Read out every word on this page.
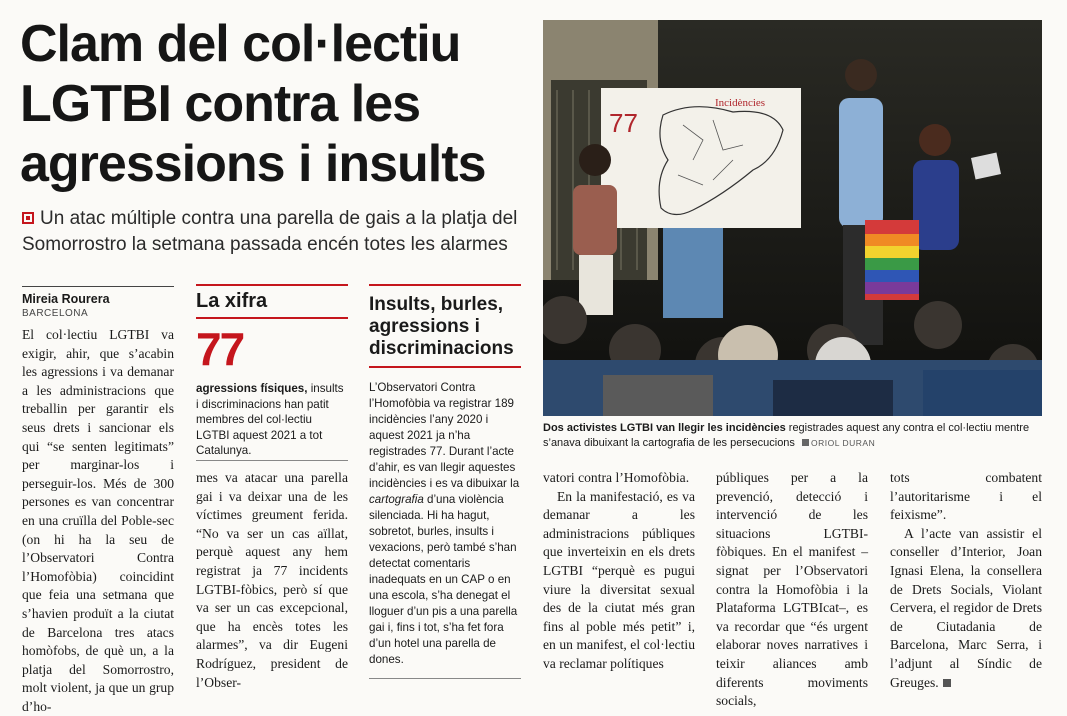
Clam del col·lectiu
LGTBI contra les
agressions i insults
Un atac múltiple contra una parella de gais a la platja del Somorrostro la setmana passada encén totes les alarmes
Mireia Rourera
BARCELONA

El col·lectiu LGTBI va exigir, ahir, que s’acabin les agressions i va demanar a les administracions que treballin per garantir els seus drets i sancionar els qui “se senten legitimats” per marginar-los i perseguir-los. Més de 300 persones es van concentrar en una cruïlla del Poble-sec (on hi ha la seu de l’Observatori Contra l’Homofòbia) coincidint que feia una setmana que s’havien produït a la ciutat de Barcelona tres atacs homòfobs, de què un, a la platja del Somorrostro, molt violent, ja que un grup d’ho-

La xifra
77
agressions físiques, insults i discriminacions han patit membres del col·lectiu LGTBI aquest 2021 a tot Catalunya.

mes va atacar una parella gai i va deixar una de les víctimes greument ferida. “No va ser un cas aïllat, perquè aquest any hem registrat ja 77 incidents LGTBI-fòbics, però sí que va ser un cas excepcional, que ha encès totes les alarmes”, va dir Eugeni Rodríguez, president de l’Obser-

Insults, burles, agressions i discriminacions
L’Observatori Contra l’Homofòbia va registrar 189 incidències l’any 2020 i aquest 2021 ja n’ha registrades 77. Durant l’acte d’ahir, es van llegir aquestes incidències i es va dibuixar la cartografia d’una violència silenciada. Hi ha hagut, sobretot, burles, insults i vexacions, però també s’han detectat comentaris inadequats en un CAP o en una escola, s’ha denegat el lloguer d’un pis a una parella gai i, fins i tot, s’ha fet fora d’un hotel una parella de dones.
77
Incidències
Dos activistes LGTBI van llegir les incidències registrades aquest any contra el col·lectiu mentre s’anava dibuixant la cartografia de les persecucions ORIOL DURAN

vatori contra l’Homofòbia.

En la manifestació, es va demanar a les administracions públiques que inverteixin en els drets LGTBI “perquè es pugui viure la diversitat sexual des de la ciutat més gran fins al poble més petit” i, en un manifest, el col·lectiu va reclamar polítiques

públiques per a la prevenció, detecció i intervenció de les situacions LGTBI-fòbiques. En el manifest –signat per l’Observatori contra la Homofòbia i la Plataforma LGTBIcat–, es va recordar que “és urgent elaborar noves narratives i teixir aliances amb diferents moviments socials,

tots combatent l’autoritarisme i el feixisme”.

A l’acte van assistir el conseller d’Interior, Joan Ignasi Elena, la consellera de Drets Socials, Violant Cervera, el regidor de Drets de Ciutadania de Barcelona, Marc Serra, i l’adjunt al Síndic de Greuges.
